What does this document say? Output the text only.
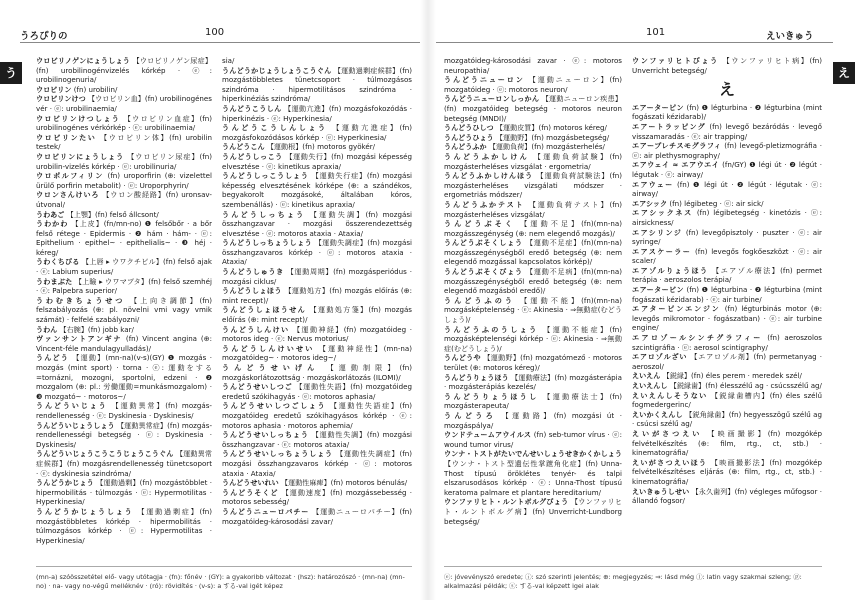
うろぴりの	100
う

ウロビリノゲンにょうしょう 【ウロビリノゲン尿症】(fn) urobilinogénvizelés kórkép · ⓔ: urobilinogenuria/

ウロビリン (fn) urobilin/

ウロビリンけつ 【ウロビリン血】(fn) urobilinogénes vér · ⓔ: urobilinaemia/

ウロビリンけつしょう 【ウロビリン血症】(fn) urobilinogénes vérkórkép · ⓔ: urobilinaemia/

ウロビリンたい 【ウロビリン体】(fn) urobilin testek/

ウロビリンにょうしょう 【ウロビリン尿症】(fn) urobilin-vizelés kórkép · ⓔ: urobilinuria/

ウロポルフィリン (fn) uroporfirin (⊕: vizelettel ürülő porfirin metabolit) · ⓔ: Uroporphyrin/

ウロンさんけいろ 【ウロン酸経路】(fn) uronsav-útvonal/

うわあご 【上顎】(fn) felső állcsont/

うわかわ 【上皮】(fn/mn-no) ❶ felsőbőr · a bőr felső rétege · Epidermis · ❷ hám · hám- · ⓔ: Epithelium · epithel~ · epithelialis~ · ❸ héj · kéreg/

うわくちびる 【上唇 ▸ ウワクチビル】(fn) felső ajak · ⓔ: Labium superius/

うわまぶた 【上瞼 ▸ ウワマブタ】(fn) felső szemhéj · ⓔ: Palpebra superior/

うわむきちょうせつ 【上向き調節】(fn) felszabályozás (⊕: pl. növelni vmi vagy vmik számát) · felfelé szabályozni/

うわん 【右腕】(fn) jobb kar/

ヴァンサントアンギナ (fn) Vincent angina (⊕: Vincent-féle mandulagyulladás)/

うんどう 【運動】(mn-na)(v-s)(GY) ❶ mozgás · mozgás (mint sport) · torna · ⓔ: 運動をする=tornázni, mozogni, sportolni, edzeni · ❷ mozgalom (⊕: pl.: 労働運動=munkásmozgalom) · ❸ mozgató~ · motoros~/

うんどういじょう 【運動異常】(fn) mozgás-rendellenesség · ⓔ: Dyskinesia · Dyskinesis/

うんどういじょうしょう 【運動異常症】(fn) mozgás-rendellenességi betegség · ⓔ: Dyskinesia · Dyskinesis/

うんどういじょうこうこうじょうこうぐん 【運動異常症候群】(fn) mozgásrendellenesség tünetcsoport · ⓔ: dyskinesia szindróma/

うんどうかじょう 【運動過剰】(fn) mozgástöbblet · hipermobilitás · túlmozgás · ⓔ: Hypermotilitas · Hyperkinesia/

うんどうかじょうしょう 【運動過剰症】(fn) mozgástöbbletes kórkép · hipermobilitás · túlmozgásos kórkép · ⓔ: Hypermotilitas · Hyperkinesia/

sia/

うんどうかじょうしょうこうぐん 【運動過剰症候群】(fn) mozgástöbbletes tünetcsoport · túlmozgásos szindróma · hipermotilitásos szindróma · hiperkinéziás szindróma/

うんどうこうしん 【運動亢進】(fn) mozgásfokozódás · hiperkinézis · ⓔ: Hyperkinesia/

うんどうこうしんしょう 【運動亢進症】(fn) mozgásfokozódásos kórkép · ⓔ: Hyperkinesia/

うんどうこん 【運動根】(fn) motoros gyökér/

うんどうしっこう 【運動失行】(fn) mozgási képesség elvesztése · ⓔ: kinetikus apraxia/

うんどうしっこうしょう 【運動失行症】(fn) mozgási képesség elvesztésének kórképe (⊕: a szándékos, begyakorolt mozgásoké, általában kóros, szembenállás) · ⓔ: kinetikus apraxia/

うんどうしっちょう 【運動失調】(fn) mozgási összhangzavar · mozgási összerendezettség elvesztése · ⓔ: motoros ataxia · Ataxia/

うんどうしっちょうしょう 【運動失調症】(fn) mozgási összhangzavaros kórkép · ⓔ: motoros ataxia · Ataxia/

うんどうしゅうき 【運動周期】(fn) mozgásperiódus · mozgási ciklus/

うんどうしょほう 【運動処方】(fn) mozgás előírás (⊕: mint recept)/

うんどうしょほうせん 【運動処方箋】(fn) mozgás előírás (⊕: mint recept)/

うんどうしんけい 【運動神経】(fn) mozgatóideg · motoros ideg · ⓔ: Nervus motorius/

うんどうしんけいせい 【運動神経性】(mn-na) mozgatóideg~ · motoros ideg~/

うんどうせいげん 【運動制限】(fn) mozgáskorlátozottság · mozgáskorlátozás (ILOMI)/

うんどうせいしつご 【運動性失語】(fn) mozgatóideg eredetű szókihagyás · ⓔ: motoros aphasia/

うんどうせいしつごしょう 【運動性失語症】(fn) mozgatóideg eredetű szókihagyásos kórkép · ⓔ: motoros aphasia · motoros aphemia/

うんどうせいしっちょう 【運動性失調】(fn) mozgási összhangzavar · ⓔ: motoros ataxia/

うんどうせいしっちょうしょう 【運動性失調症】(fn) mozgási összhangzavaros kórkép · ⓔ: motoros ataxia · Ataxia/

うんどうせいれい 【運動性麻痺】(fn) motoros bénulás/

うんどうそくど 【運動速度】(fn) mozgássebesség · motoros sebesség/

うんどうニューロパチー 【運動ニューロパチー】(fn) mozgatóideg-károsodási zavar/

(mn-a) szóösszetétel elő- vagy utótagja · (fn): főnév · (GY): a gyakoribb változat · (hsz): határozószó · (mn-na) (mn-no) · na- vagy no-végű melléknév · (ró): rövidítés · (v-s): a する-val igét képez
101	えいきゅう
え

mozgatóideg-károsodási zavar · ⓔ: motoros neuropathia/

うんどうニューロン 【運動ニューロン】(fn) mozgatóideg · ⓔ: motoros neuron/

うんどうニューロンしっかん 【運動ニューロン疾患】(fn) mozgatóideg betegség · motoros neuron betegség (MNDI)/

うんどうひしつ 【運動皮質】(fn) motoros kéreg/

うんどうひょう 【運動野】(fn) mozgásbetegség/

うんどうふか 【運動負荷】(fn) mozgásterhelés/

うんどうふかしけん 【運動負荷試験】(fn) mozgásterheléses vizsgálat · ergometria/

うんどうふかしけんほう 【運動負荷試験法】(fn) mozgásterheléses vizsgálati módszer · ergometriás módszer/

うんどうふかテスト 【運動負荷テスト】(fn) mozgásterheléses vizsgálat/

うんどうぶそく 【運動不足】(fn)(mn-na) mozgásszegénység (⊕: nem elegendő mozgás)/

うんどうぶそくしょう 【運動不足症】(fn)(mn-na) mozgásszegénységből eredő betegség (⊕: nem elegendő mozgással kapcsolatos kórkép)/

うんどうぶそくびょう 【運動不足病】(fn)(mn-na) mozgásszegénységből eredő betegség (⊕: nem elegendő mozgásból eredő)/

うんどうふのう 【運動不能】(fn)(mn-na) mozgásképtelenség · ⓔ: Akinesia · ⇒無動症(むどうしょう)/

うんどうふのうしょう 【運動不能症】(fn) mozgásképtelenségi kórkép · ⓔ: Akinesia · ⇒無動症(むどうしょう)/

うんどうや 【運動野】(fn) mozgatómező · motoros terület (⊕: motoros kéreg)/

うんどうりょうほう 【運動療法】(fn) mozgásterápia · mozgásterápiás kezelés/

うんどうりょうほうし 【運動療法士】(fn) mozgásterapeuta/

うんどうろ 【運動路】(fn) mozgási út · mozgáspálya/

ウンドテュームアウイルス (fn) seb-tumor vírus · ⓔ: wound tumor virus/

ウンナ・トストがたいでんせいしょうせきかくかしょう 【ウンナ・トスト型遺伝性掌蹠角化症】(fn) Unna-Thost típusú öröklétes tenyér- és talpi elszarusodásos kórkép · ⓔ: Unna-Thost típusú keratoma palmare et plantare hereditarium/

ウンファリヒト・ルントボルグびょう 【ウンファリヒト・ルントボルグ病】(fn) Unverricht-Lundborg betegség/

ウンファリヒトびょう 【ウンファリヒト病】(fn) Unverricht betegség/

え

エアーターピン (fn) ❶ légturbina · ❷ légturbina (mint fogászati kézidarab)/

エアートラッピング (fn) levegő bezáródás · levegő visszamaradás · ⓔ: air trapping/

エアープレチスモグラフィ (fn) levegő-pletizmográfia · ⓔ: air plethysmography/

エアウェイ ≈ エアウエイ (fn/GY) ❶ légi út · ❷ légút · légutak · ⓔ: airway/

エアウェー (fn) ❶ légi út · ❷ légút · légutak · ⓔ: airway/

エアシック (fn) légibeteg · ⓔ: air sick/

エアシックネス (fn) légibetegség · kinetózis · ⓔ: airsickness/

エアシリンジ (fn) levegőpisztoly · puszter · ⓔ: air syringe/

エアスケーラー (fn) levegős fogkőeszközt · ⓔ: air scaler/

エアゾルりょうほう 【エアゾル療法】(fn) permet terápia · aeroszolos terápia/

エアータービン (fn) ❶ légturbina · ❷ légturbina (mint fogászati kézidarab) · ⓔ: air turbine/

エアターピンエンジン (fn) légturbinás motor (⊕: levegős mikromotor · fogászatban) · ⓔ: air turbine engine/

エアロゾールシンチグラフィー (fn) aeroszolos szcintigráfia · ⓔ: aerosol scintigraphy/

エアロゾルざい 【エアロゾル剤】(fn) permetanyag · aeroszol/

えいえん 【鋭縁】(fn) éles perem · meredek szél/

えいえんし 【鋭縁歯】(fn) élesszélű ag · csúcsszélű ag/

えいえんしそうない 【鋭縁歯槽内】(fn) éles szélű fogmedergerinc/

えいかくえんし 【鋭角縁歯】(fn) hegyesszögű szélű ag · csúcsi szélű ag/

えいがさつえい 【映画撮影】(fn) mozgókép felvételkészítés (⊕: film, rtg., ct, stb.) · kinematográfia/

えいがさつえいほう 【映画撮影法】(fn) mozgókép felvételkészítéses eljárás (⊕: film, rtg., ct, stb.) · kinematográfia/

えいきゅうしせい 【永久歯列】(fn) végleges műfogsor · állandó fogsor/

ⓔ: jóvevényszó eredete; ⓘ: szó szerinti jelentés; ⊕: megjegyzés; ⇒: lásd még ⓛ: latin vagy szakmai szleng; ⓟ: alkalmazási példák; ⓢ: する-val képzett igei alak
